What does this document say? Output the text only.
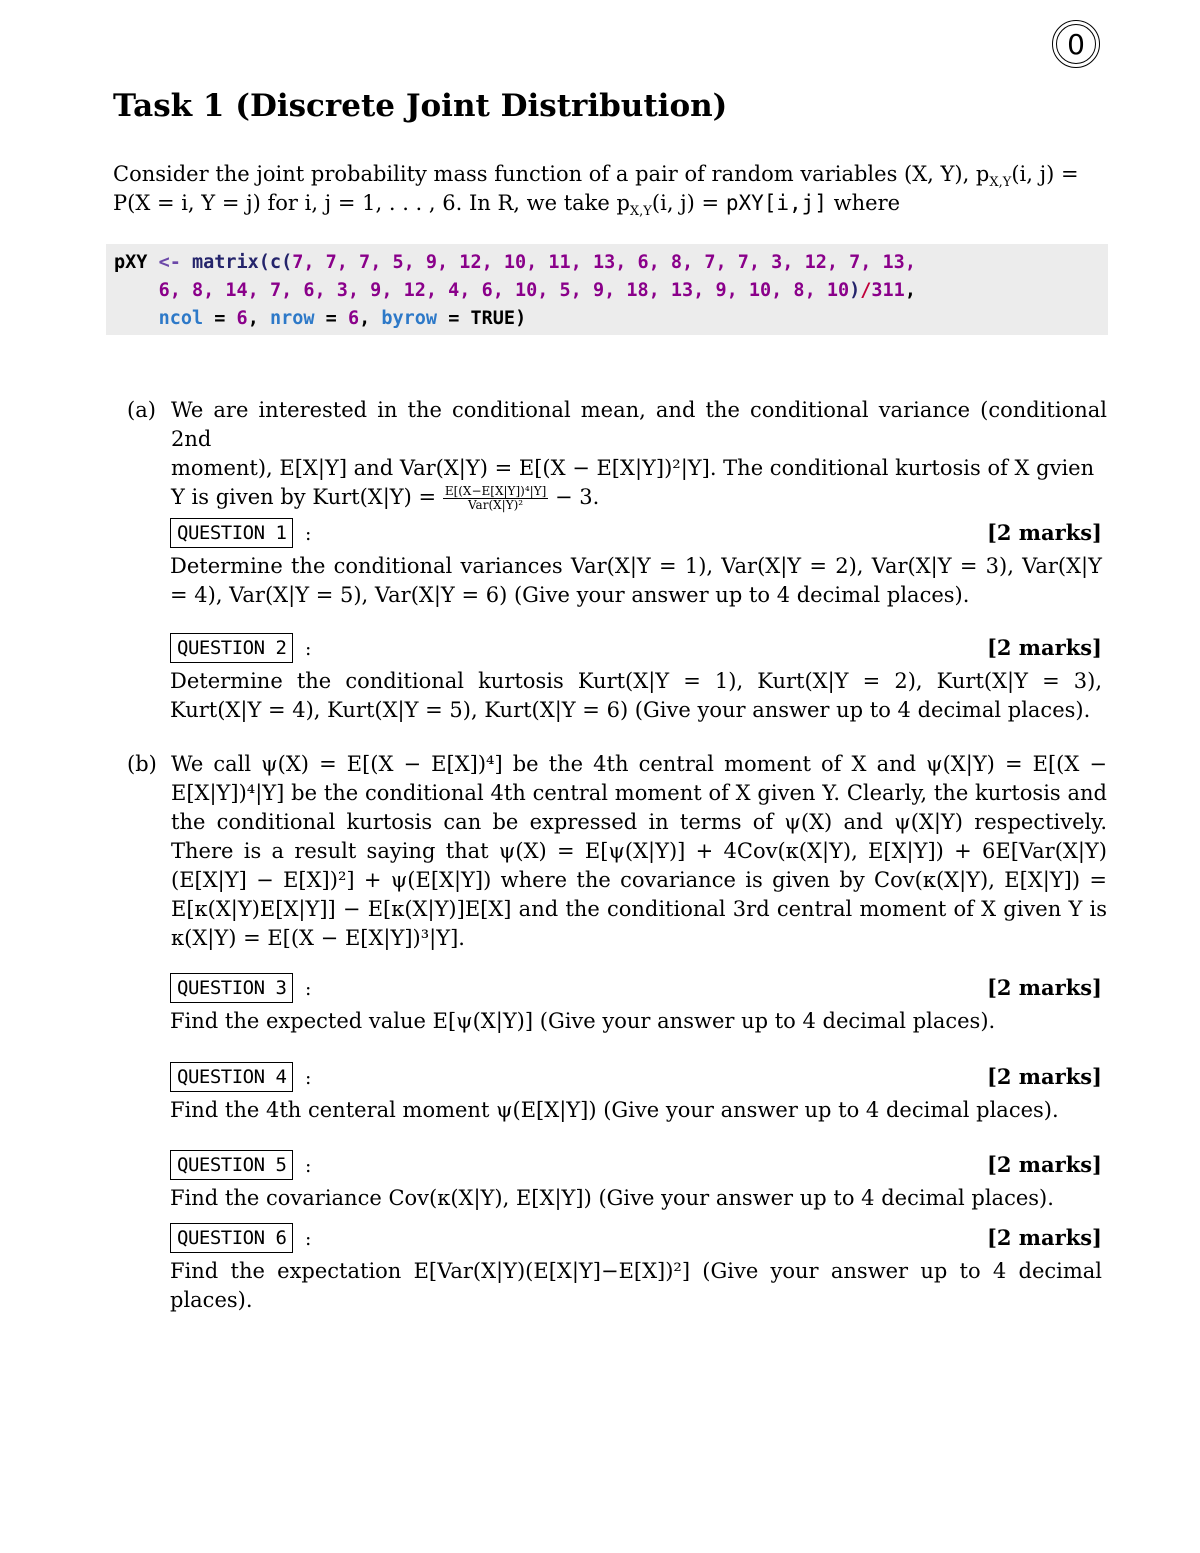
0
Task 1 (Discrete Joint Distribution)
Consider the joint probability mass function of a pair of random variables (X, Y), $p_{X,Y}(i$, j) =
P(X = i, Y = j) for i, j = 1, . . . , 6. In R, we take $p_{X,Y}(i$, j) = pXY[i,j] where
pXY <- matrix(c(7, 7, 7, 5, 9, 12, 10, 11, 13, 6, 8, 7, 7, 3, 12, 7, 13,
6, 8, 14, 7, 6, 3, 9, 12, 4, 6, 10, 5, 9, 18, 13, 9, 10, 8, 10)/311,
ncol = 6, nrow = 6, byrow = TRUE)
(a) We are interested in the conditional mean, and the conditional variance (conditional 2nd
moment), E[X|Y] and Var(X|Y) = E[(X − E[X|Y])²|Y]. The conditional kurtosis of X gvien
Y is given by Kurt(X|Y) = $\frac{\text{E[(X−E[X|Y])⁴|Y]}}{\text{Var(X|Y)²}} - 3$.
QUESTION 1 :	[2 marks]
Determine the conditional variances Var(X|Y = 1), Var(X|Y = 2), Var(X|Y = 3), Var(X|Y = 4), Var(X|Y = 5), Var(X|Y = 6) (Give your answer up to 4 decimal places).
QUESTION 2 :	[2 marks]
Determine the conditional kurtosis Kurt(X|Y = 1), Kurt(X|Y = 2), Kurt(X|Y = 3), Kurt(X|Y = 4), Kurt(X|Y = 5), Kurt(X|Y = 6) (Give your answer up to 4 decimal places).
(b) We call ψ(X) = E[(X − E[X])⁴] be the 4th central moment of X and ψ(X|Y) = E[(X − E[X|Y])⁴|Y] be the conditional 4th central moment of X given Y. Clearly, the kurtosis and the conditional kurtosis can be expressed in terms of ψ(X) and ψ(X|Y) respectively. There is a result saying that ψ(X) = E[ψ(X|Y)] + 4Cov(κ(X|Y), E[X|Y]) + 6E[Var(X|Y)(E[X|Y] − E[X])²] + ψ(E[X|Y]) where the covariance is given by Cov(κ(X|Y), E[X|Y]) = E[κ(X|Y)E[X|Y]] − E[κ(X|Y)]E[X] and the conditional 3rd central moment of X given Y is κ(X|Y) = E[(X − E[X|Y])³|Y].
QUESTION 3 :	[2 marks]
Find the expected value E[ψ(X|Y)] (Give your answer up to 4 decimal places).
QUESTION 4 :	[2 marks]
Find the 4th centeral moment ψ(E[X|Y]) (Give your answer up to 4 decimal places).
QUESTION 5 :	[2 marks]
Find the covariance Cov(κ(X|Y), E[X|Y]) (Give your answer up to 4 decimal places).
QUESTION 6 :	[2 marks]
Find the expectation E[Var(X|Y)(E[X|Y]−E[X])²] (Give your answer up to 4 decimal places).
